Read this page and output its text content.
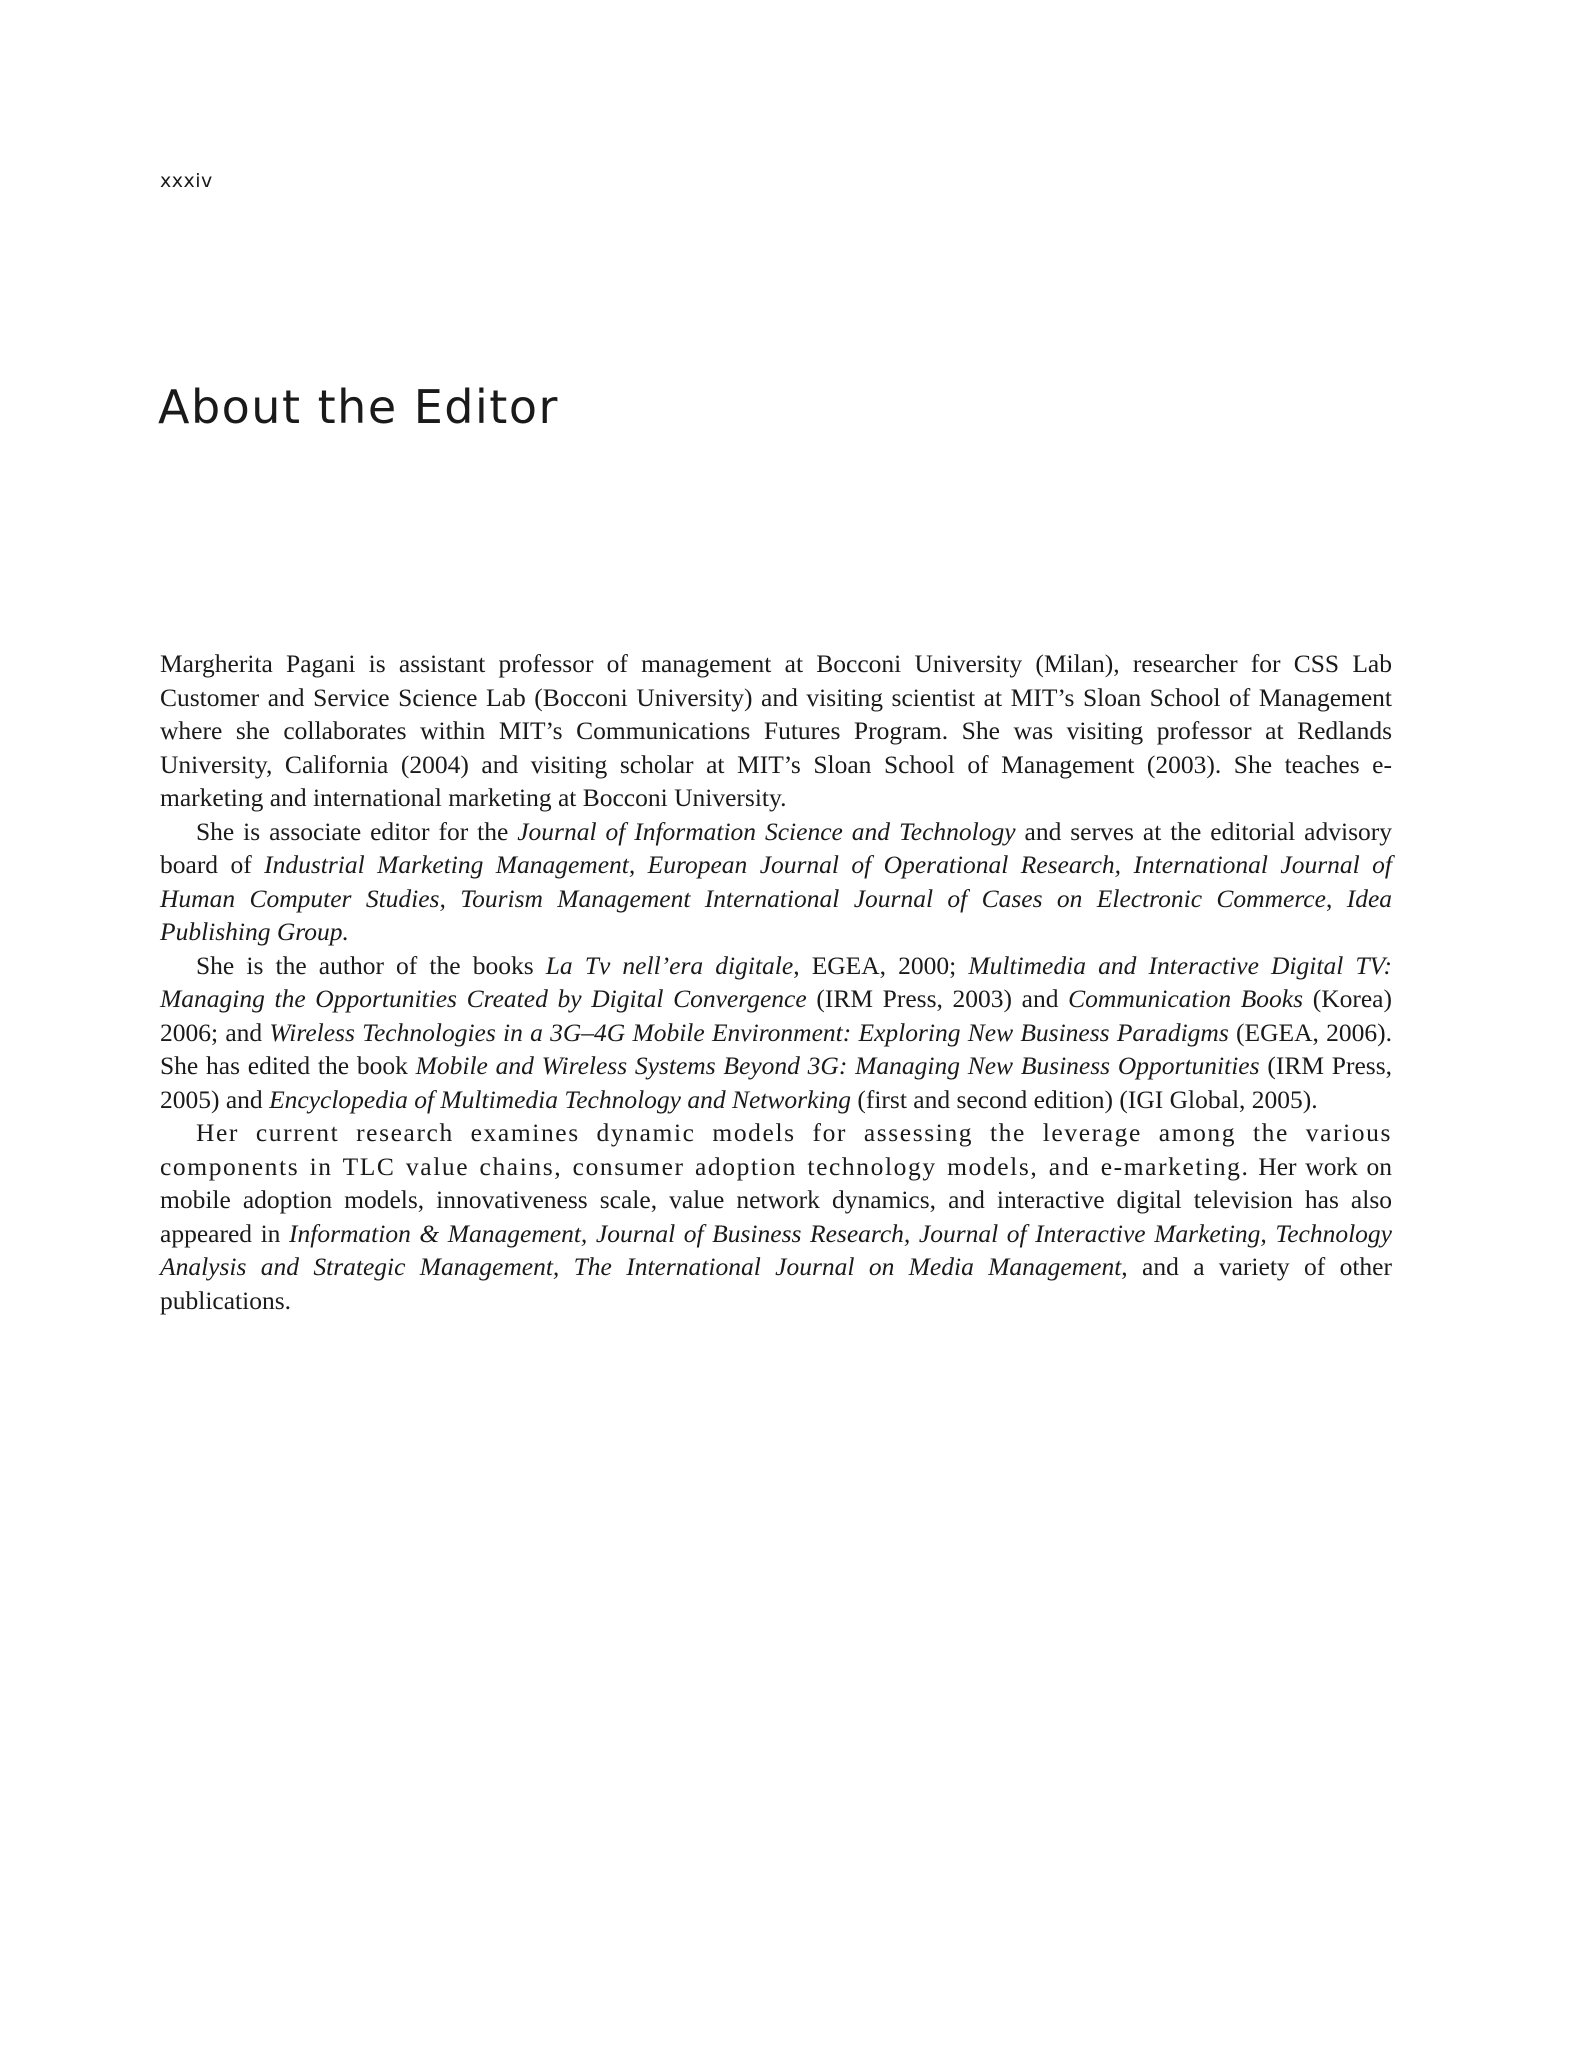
xxxiv
About the Editor

Margherita Pagani is assistant professor of management at Bocconi University (Milan), researcher for CSS Lab Customer and Service Science Lab (Bocconi University) and visiting scientist at MIT’s Sloan School of Management where she collaborates within MIT’s Communications Futures Program. She was visiting professor at Redlands University, California (2004) and visiting scholar at MIT’s Sloan School of Management (2003). She teaches e-marketing and international marketing at Bocconi University.

She is associate editor for the Journal of Information Science and Technology and serves at the editorial advisory board of Industrial Marketing Management, European Journal of Operational Research, International Journal of Human Computer Studies, Tourism Management International Journal of Cases on Electronic Commerce, Idea Publishing Group.

She is the author of the books La Tv nell’era digitale, EGEA, 2000; Multimedia and Interactive Digital TV: Managing the Opportunities Created by Digital Convergence (IRM Press, 2003) and Communication Books (Korea) 2006; and Wireless Technologies in a 3G–4G Mobile Environment: Exploring New Business Paradigms (EGEA, 2006). She has edited the book Mobile and Wireless Systems Beyond 3G: Managing New Business Opportunities (IRM Press, 2005) and Encyclopedia of Multimedia Technology and Networking (first and second edition) (IGI Global, 2005).

Her current research examines dynamic models for assessing the leverage among the various components in TLC value chains, consumer adoption technology models, and e-marketing. Her work on mobile adoption models, innovativeness scale, value network dynamics, and interactive digital television has also appeared in Information & Management, Journal of Business Research, Journal of Interactive Marketing, Technology Analysis and Strategic Management, The International Journal on Media Management, and a variety of other publications.
